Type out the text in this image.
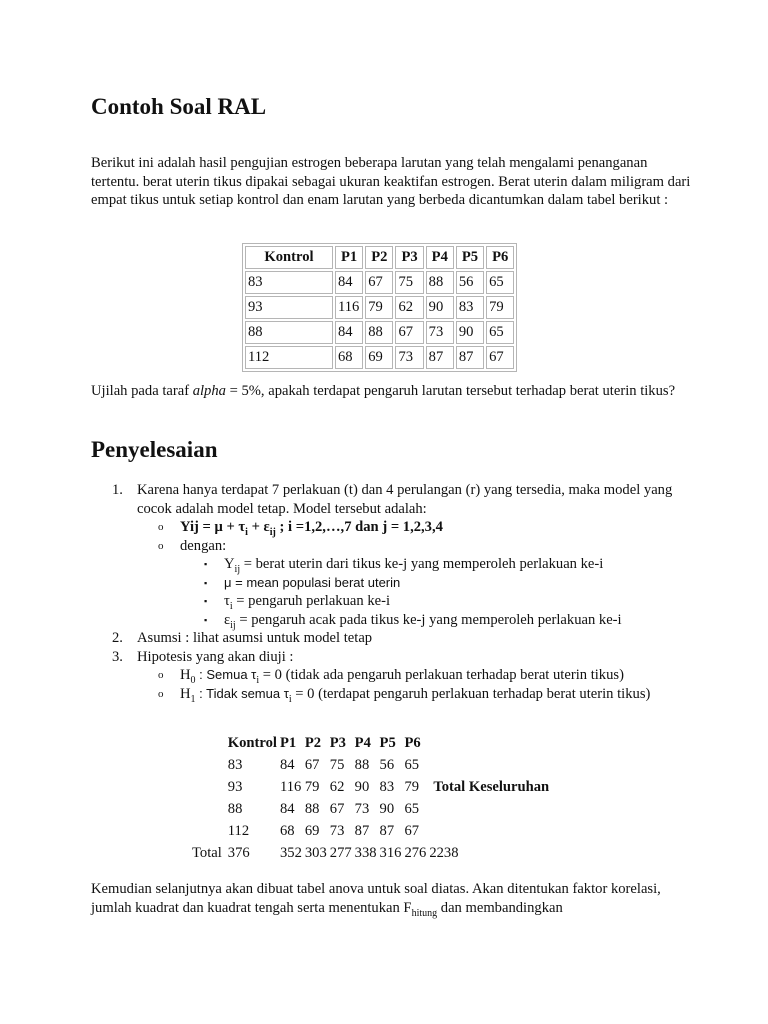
Contoh Soal RAL

Berikut ini adalah hasil pengujian estrogen beberapa larutan yang telah mengalami penanganan tertentu. berat uterin tikus dipakai sebagai ukuran keaktifan estrogen. Berat uterin dalam miligram dari empat tikus untuk setiap kontrol dan enam larutan yang berbeda dicantumkan dalam tabel berikut :

Kontrol	P1	P2	P3	P4	P5	P6
83	84	67	75	88	56	65
93	116	79	62	90	83	79
88	84	88	67	73	90	65
112	68	69	73	87	87	67

Ujilah pada taraf alpha = 5%, apakah terdapat pengaruh larutan tersebut terhadap berat uterin tikus?

Penyelesaian
1. Karena hanya terdapat 7 perlakuan (t) dan 4 perulangan (r) yang tersedia, maka model yang cocok adalah model tetap. Model tersebut adalah:
o Yij = $\mu + \tau_i + \varepsilon_{ij}$ ; i =1,2,…,7 dan j = 1,2,3,4
o dengan:
▪ $Y_{ij}$ = berat uterin dari tikus ke-j yang memperoleh perlakuan ke-i
▪ μ = mean populasi berat uterin
▪ $\tau_i$ = pengaruh perlakuan ke-i
▪ $\varepsilon_{ij}$ = pengaruh acak pada tikus ke-j yang memperoleh perlakuan ke-i
2. Asumsi : lihat asumsi untuk model tetap
3. Hipotesis yang akan diuji :
o $H_0$ : Semua $\tau_i = 0$ (tidak ada pengaruh perlakuan terhadap berat uterin tikus)
o $H_1$ : Tidak semua $\tau_i = 0$ (terdapat pengaruh perlakuan terhadap berat uterin tikus)
	Kontrol	P1	P2	P3	P4	P5	P6	
	83	84	67	75	88	56	65	
	93	116	79	62	90	83	79	Total Keseluruhan
	88	84	88	67	73	90	65	
	112	68	69	73	87	87	67	
Total	376	352	303	277	338	316	276	2238

Kemudian selanjutnya akan dibuat tabel anova untuk soal diatas. Akan ditentukan faktor korelasi, jumlah kuadrat dan kuadrat tengah serta menentukan $F_{hitung}$ dan membandingkan
